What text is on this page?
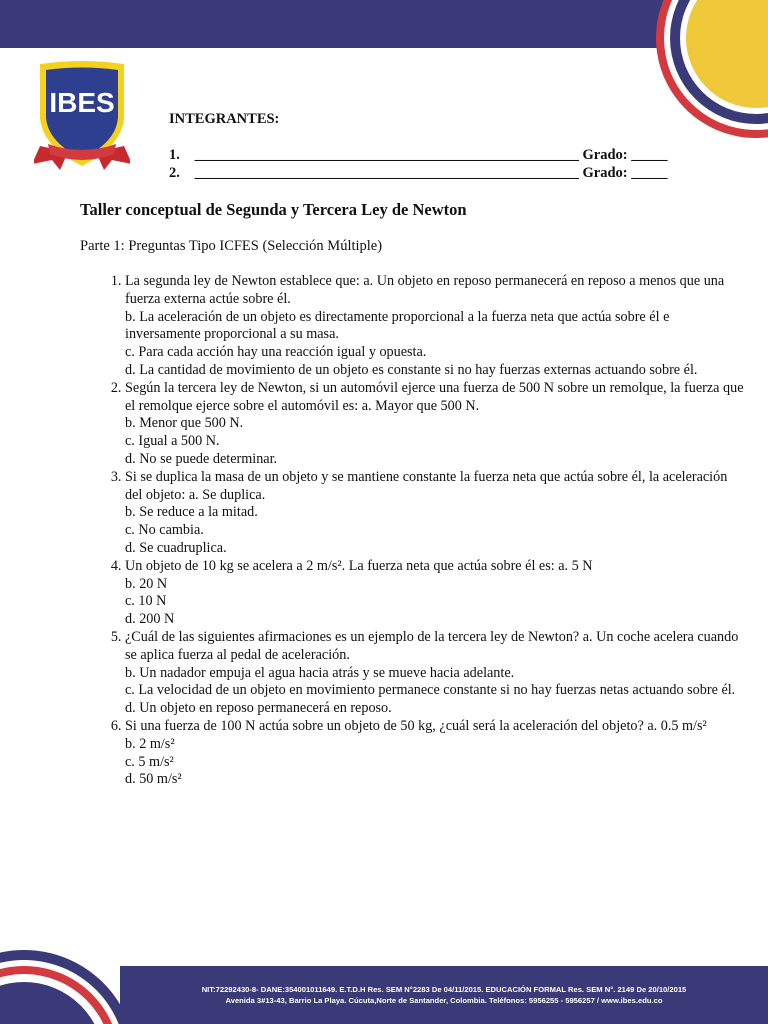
NIT:72292430-8- DANE:354001011649. E.T.D.H Res. SEM N°2283 De 04/11/2015. EDUCACIÓN FORMAL Res. SEM N°. 2149 De 20/10/2015
Avenida 3#13-43, Barrio La Playa. Cúcuta,Norte de Santander, Colombia. Teléfonos: 5956255 - 5956257 / www.ibes.edu.co
IBES
INTEGRANTES:
1. _____________________________________________________ Grado: _____
2. _____________________________________________________ Grado: _____
Taller conceptual de Segunda y Tercera Ley de Newton
Parte 1: Preguntas Tipo ICFES (Selección Múltiple)
1. La segunda ley de Newton establece que: a. Un objeto en reposo permanecerá en reposo a menos que una fuerza externa actúe sobre él.
b. La aceleración de un objeto es directamente proporcional a la fuerza neta que actúa sobre él e inversamente proporcional a su masa.
c. Para cada acción hay una reacción igual y opuesta.
d. La cantidad de movimiento de un objeto es constante si no hay fuerzas externas actuando sobre él.
2. Según la tercera ley de Newton, si un automóvil ejerce una fuerza de 500 N sobre un remolque, la fuerza que el remolque ejerce sobre el automóvil es: a. Mayor que 500 N.
b. Menor que 500 N.
c. Igual a 500 N.
d. No se puede determinar.
3. Si se duplica la masa de un objeto y se mantiene constante la fuerza neta que actúa sobre él, la aceleración del objeto: a. Se duplica.
b. Se reduce a la mitad.
c. No cambia.
d. Se cuadruplica.
4. Un objeto de 10 kg se acelera a 2 m/s². La fuerza neta que actúa sobre él es: a. 5 N
b. 20 N
c. 10 N
d. 200 N
5. ¿Cuál de las siguientes afirmaciones es un ejemplo de la tercera ley de Newton? a. Un coche acelera cuando se aplica fuerza al pedal de aceleración.
b. Un nadador empuja el agua hacia atrás y se mueve hacia adelante.
c. La velocidad de un objeto en movimiento permanece constante si no hay fuerzas netas actuando sobre él.
d. Un objeto en reposo permanecerá en reposo.
6. Si una fuerza de 100 N actúa sobre un objeto de 50 kg, ¿cuál será la aceleración del objeto? a. 0.5 m/s²
b. 2 m/s²
c. 5 m/s²
d. 50 m/s²
